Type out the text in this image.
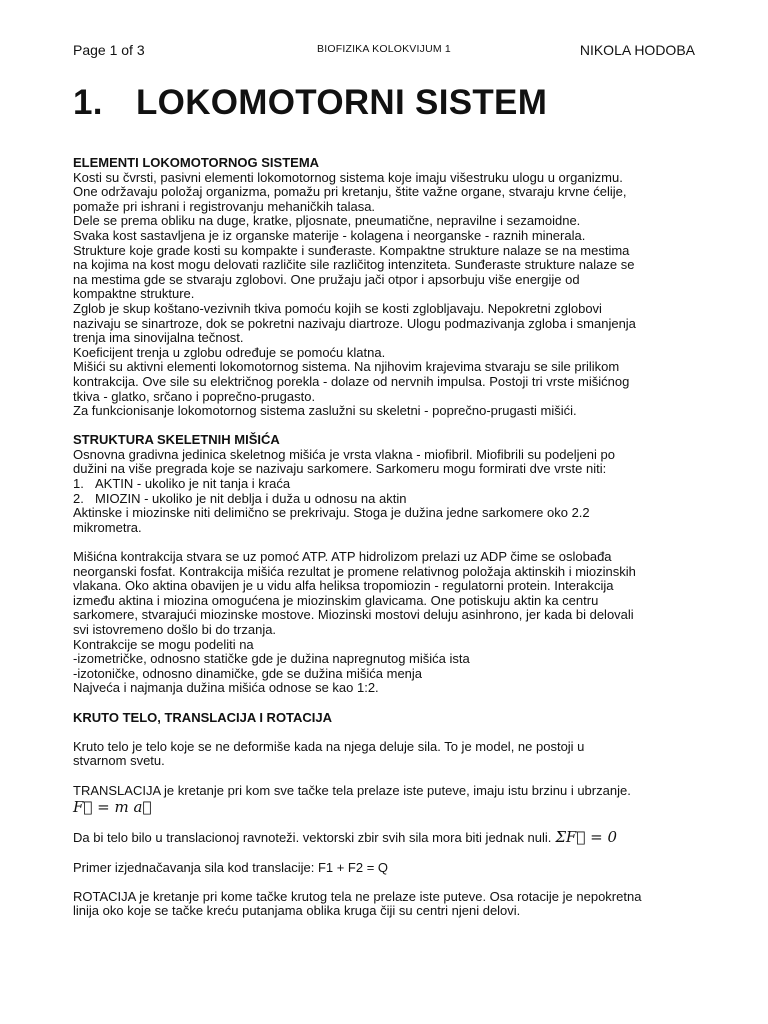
Page 1 of 3	BIOFIZIKA KOLOKVIJUM 1	NIKOLA HODOBA
1. LOKOMOTORNI SISTEM
ELEMENTI LOKOMOTORNOG SISTEMA

Kosti su čvrsti, pasivni elementi lokomotornog sistema koje imaju višestruku ulogu u organizmu.

One održavaju položaj organizma, pomažu pri kretanju, štite važne organe, stvaraju krvne ćelije,

pomaže pri ishrani i registrovanju mehaničkih talasa.

Dele se prema obliku na duge, kratke, pljosnate, pneumatične, nepravilne i sezamoidne.

Svaka kost sastavljena je iz organske materije - kolagena i neorganske - raznih minerala.

Strukture koje grade kosti su kompakte i sunđeraste. Kompaktne strukture nalaze se na mestima

na kojima na kost mogu delovati različite sile različitog intenziteta. Sunđeraste strukture nalaze se

na mestima gde se stvaraju zglobovi. One pružaju jači otpor i apsorbuju više energije od

kompaktne strukture.

Zglob je skup koštano-vezivnih tkiva pomoću kojih se kosti zglobljavaju. Nepokretni zglobovi

nazivaju se sinartroze, dok se pokretni nazivaju diartroze. Ulogu podmazivanja zgloba i smanjenja

trenja ima sinovijalna tečnost.

Koeficijent trenja u zglobu određuje se pomoću klatna.

Mišići su aktivni elementi lokomotornog sistema. Na njihovim krajevima stvaraju se sile prilikom

kontrakcija. Ove sile su električnog porekla - dolaze od nervnih impulsa. Postoji tri vrste mišićnog

tkiva - glatko, srčano i poprečno-prugasto.

Za funkcionisanje lokomotornog sistema zaslužni su skeletni - poprečno-prugasti mišići.

STRUKTURA SKELETNIH MIŠIĆA

Osnovna gradivna jedinica skeletnog mišića je vrsta vlakna - miofibril. Miofibrili su podeljeni po

dužini na više pregrada koje se nazivaju sarkomere. Sarkomeru mogu formirati dve vrste niti:

1. AKTIN - ukoliko je nit tanja i kraća
2. MIOZIN - ukoliko je nit deblja i duža u odnosu na aktin

Aktinske i miozinske niti delimično se prekrivaju. Stoga je dužina jedne sarkomere oko 2.2

mikrometra.

Mišićna kontrakcija stvara se uz pomoć ATP. ATP hidrolizom prelazi uz ADP čime se oslobađa

neorganski fosfat. Kontrakcija mišića rezultat je promene relativnog položaja aktinskih i miozinskih

vlakana. Oko aktina obavijen je u vidu alfa heliksa tropomiozin - regulatorni protein. Interakcija

između aktina i miozina omogućena je miozinskim glavicama. One potiskuju aktin ka centru

sarkomere, stvarajući miozinske mostove. Miozinski mostovi deluju asinhrono, jer kada bi delovali

svi istovremeno došlo bi do trzanja.

Kontrakcije se mogu podeliti na

-izometričke, odnosno statičke gde je dužina napregnutog mišića ista

-izotoničke, odnosno dinamičke, gde se dužina mišića menja

Najveća i najmanja dužina mišića odnose se kao 1:2.

KRUTO TELO, TRANSLACIJA I ROTACIJA

Kruto telo je telo koje se ne deformiše kada na njega deluje sila. To je model, ne postoji u

stvarnom svetu.

TRANSLACIJA je kretanje pri kom sve tačke tela prelaze iste puteve, imaju istu brzinu i ubrzanje.

F⃗ = m a⃗

Da bi telo bilo u translacionoj ravnoteži. vektorski zbir svih sila mora biti jednak nuli. ΣF⃗ = 0

Primer izjednačavanja sila kod translacije: F1 + F2 = Q

ROTACIJA je kretanje pri kome tačke krutog tela ne prelaze iste puteve. Osa rotacije je nepokretna

linija oko koje se tačke kreću putanjama oblika kruga čiji su centri njeni delovi.
